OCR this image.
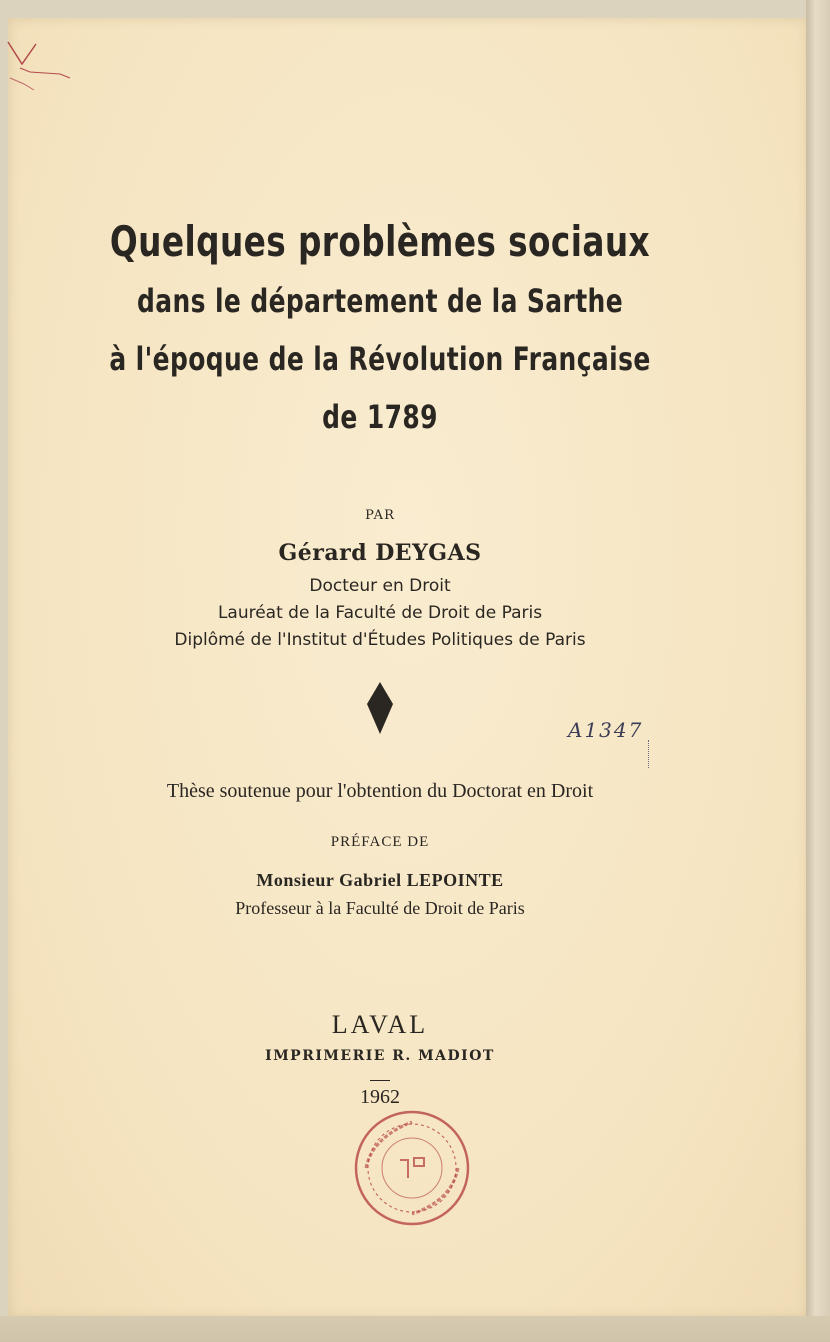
Quelques problèmes sociaux
dans le département de la Sarthe
à l'époque de la Révolution Française
de 1789
PAR
Gérard DEYGAS
Docteur en Droit
Lauréat de la Faculté de Droit de Paris
Diplômé de l'Institut d'Études Politiques de Paris
A1347
Thèse soutenue pour l'obtention du Doctorat en Droit
PRÉFACE DE
Monsieur Gabriel LEPOINTE
Professeur à la Faculté de Droit de Paris
LAVAL
IMPRIMERIE R. MADIOT
1962
